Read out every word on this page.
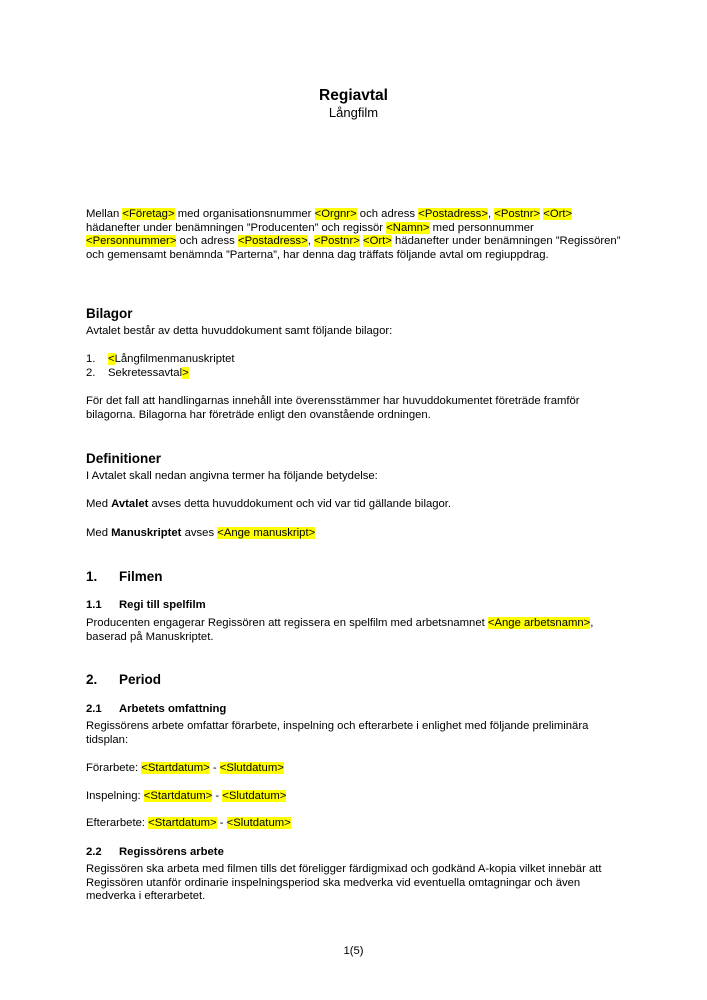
Regiavtal
Långfilm

Mellan <Företag> med organisationsnummer <Orgnr> och adress <Postadress>, <Postnr> <Ort> hädanefter under benämningen ”Producenten” och regissör <Namn> med personnummer <Personnummer> och adress <Postadress>, <Postnr> <Ort> hädanefter under benämningen ”Regissören” och gemensamt benämnda ”Parterna”, har denna dag träffats följande avtal om regiuppdrag.

Bilagor

Avtalet består av detta huvuddokument samt följande bilagor:

1. <Långfilmenmanuskriptet
2. Sekretessavtal>

För det fall att handlingarnas innehåll inte överensstämmer har huvuddokumentet företräde framför bilagorna. Bilagorna har företräde enligt den ovanstående ordningen.

Definitioner

I Avtalet skall nedan angivna termer ha följande betydelse:

Med Avtalet avses detta huvuddokument och vid var tid gällande bilagor.

Med Manuskriptet avses <Ange manuskript>

1. Filmen
1.1 Regi till spelfilm

Producenten engagerar Regissören att regissera en spelfilm med arbetsnamnet <Ange arbetsnamn>, baserad på Manuskriptet.

2. Period
2.1 Arbetets omfattning

Regissörens arbete omfattar förarbete, inspelning och efterarbete i enlighet med följande preliminära tidsplan:

Förarbete: <Startdatum> - <Slutdatum>

Inspelning: <Startdatum> - <Slutdatum>

Efterarbete: <Startdatum> - <Slutdatum>

2.2 Regissörens arbete

Regissören ska arbeta med filmen tills det föreligger färdigmixad och godkänd A-kopia vilket innebär att Regissören utanför ordinarie inspelningsperiod ska medverka vid eventuella omtagningar och även medverka i efterarbetet.

1(5)
